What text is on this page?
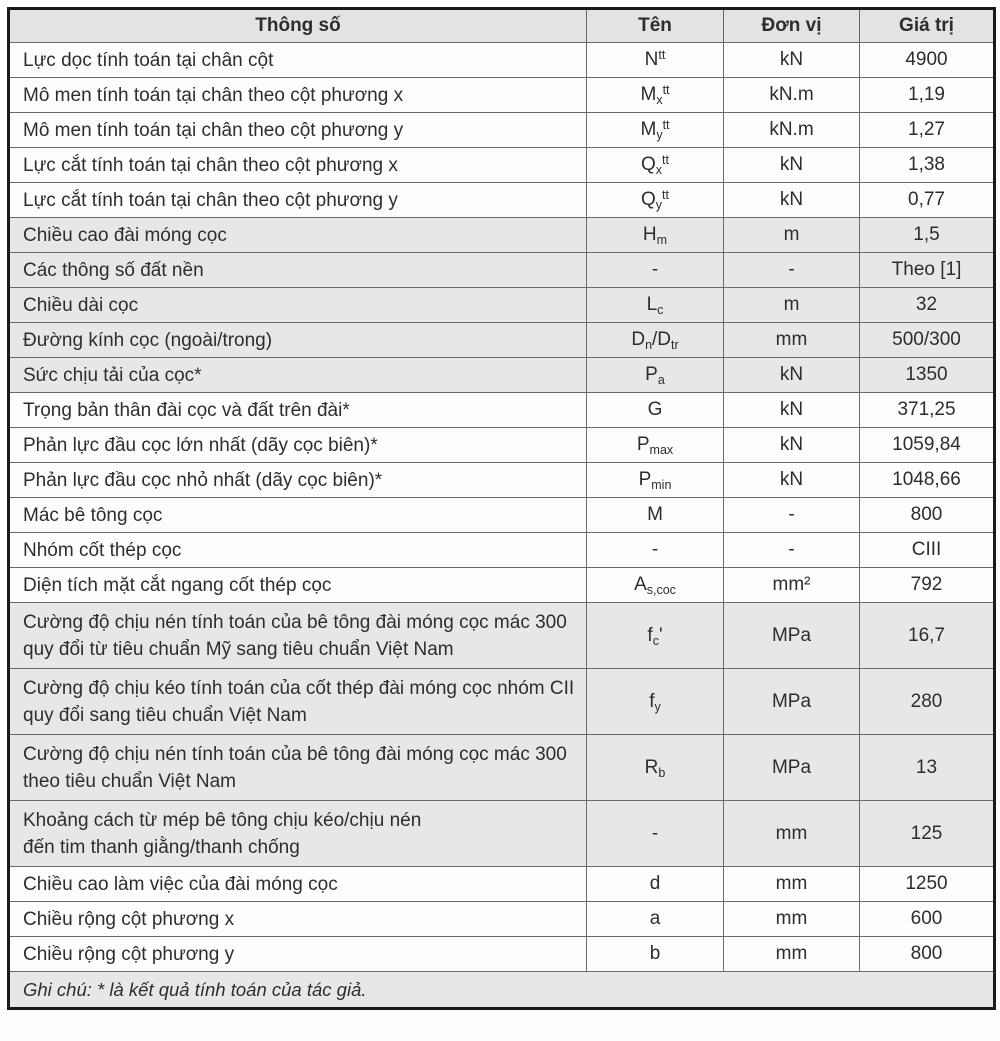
Thông số	Tên	Đơn vị	Giá trị

Lực dọc tính toán tại chân cột	$N^{tt}$	kN	4900

Mô men tính toán tại chân theo cột phương x	$M_x^{tt}$	kN.m	1,19

Mô men tính toán tại chân theo cột phương y	$M_y^{tt}$	kN.m	1,27

Lực cắt tính toán tại chân theo cột phương x	$Q_x^{tt}$	kN	1,38

Lực cắt tính toán tại chân theo cột phương y	$Q_y^{tt}$	kN	0,77

Chiều cao đài móng cọc	$H_m$	m	1,5

Các thông số đất nền	-	-	Theo [1]

Chiều dài cọc	$L_c$	m	32

Đường kính cọc (ngoài/trong)	$D_n/D_{tr}$	mm	500/300

Sức chịu tải của cọc*	$P_a$	kN	1350

Trọng bản thân đài cọc và đất trên đài*	G	kN	371,25

Phản lực đầu cọc lớn nhất (dãy cọc biên)*	$P_{max}$	kN	1059,84

Phản lực đầu cọc nhỏ nhất (dãy cọc biên)*	$P_{min}$	kN	1048,66

Mác bê tông cọc	M	-	800

Nhóm cốt thép cọc	-	-	CIII

Diện tích mặt cắt ngang cốt thép cọc	$A_{s,coc}$	mm²	792

Cường độ chịu nén tính toán của bê tông đài móng cọc mác 300
quy đổi từ tiêu chuẩn Mỹ sang tiêu chuẩn Việt Nam	$f_c'$	MPa	16,7

Cường độ chịu kéo tính toán của cốt thép đài móng cọc nhóm CII
quy đổi sang tiêu chuẩn Việt Nam	$f_y$	MPa	280

Cường độ chịu nén tính toán của bê tông đài móng cọc mác 300
theo tiêu chuẩn Việt Nam	$R_b$	MPa	13

Khoảng cách từ mép bê tông chịu kéo/chịu nén
đến tim thanh giằng/thanh chống	-	mm	125

Chiều cao làm việc của đài móng cọc	d	mm	1250

Chiều rộng cột phương x	a	mm	600

Chiều rộng cột phương y	b	mm	800
Ghi chú: * là kết quả tính toán của tác giả.			
